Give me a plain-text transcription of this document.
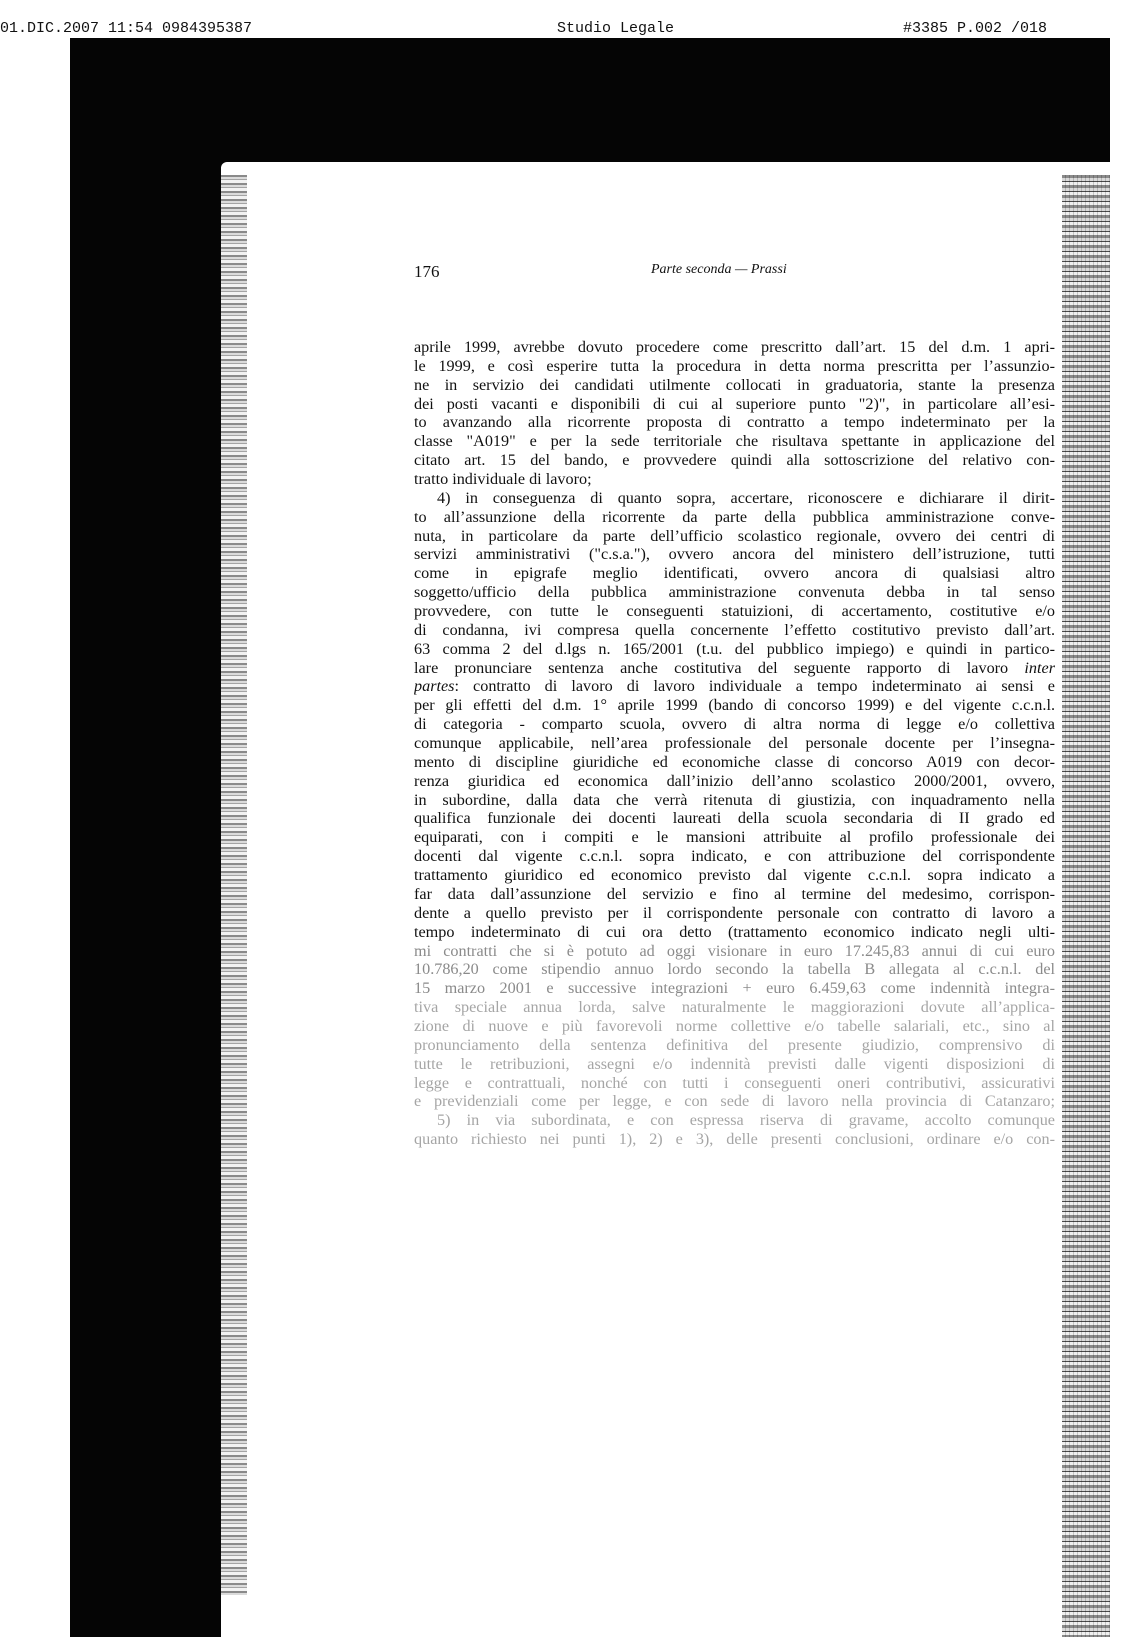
01.DIC.2007 11:54 0984395387	Studio Legale	#3385 P.002 /018
176	Parte seconda — Prassi
aprile 1999, avrebbe dovuto procedere come prescritto dall’art. 15 del d.m. 1 apri-
le 1999, e così esperire tutta la procedura in detta norma prescritta per l’assunzio-
ne in servizio dei candidati utilmente collocati in graduatoria, stante la presenza
dei posti vacanti e disponibili di cui al superiore punto "2)", in particolare all’esi-
to avanzando alla ricorrente proposta di contratto a tempo indeterminato per la
classe "A019" e per la sede territoriale che risultava spettante in applicazione del
citato art. 15 del bando, e provvedere quindi alla sottoscrizione del relativo con-
tratto individuale di lavoro;
4) in conseguenza di quanto sopra, accertare, riconoscere e dichiarare il dirit-
to all’assunzione della ricorrente da parte della pubblica amministrazione conve-
nuta, in particolare da parte dell’ufficio scolastico regionale, ovvero dei centri di
servizi amministrativi ("c.s.a."), ovvero ancora del ministero dell’istruzione, tutti
come in epigrafe meglio identificati, ovvero ancora di qualsiasi altro
soggetto/ufficio della pubblica amministrazione convenuta debba in tal senso
provvedere, con tutte le conseguenti statuizioni, di accertamento, costitutive e/o
di condanna, ivi compresa quella concernente l’effetto costitutivo previsto dall’art.
63 comma 2 del d.lgs n. 165/2001 (t.u. del pubblico impiego) e quindi in partico-
lare pronunciare sentenza anche costitutiva del seguente rapporto di lavoro inter
partes: contratto di lavoro di lavoro individuale a tempo indeterminato ai sensi e
per gli effetti del d.m. 1° aprile 1999 (bando di concorso 1999) e del vigente c.c.n.l.
di categoria - comparto scuola, ovvero di altra norma di legge e/o collettiva
comunque applicabile, nell’area professionale del personale docente per l’insegna-
mento di discipline giuridiche ed economiche classe di concorso A019 con decor-
renza giuridica ed economica dall’inizio dell’anno scolastico 2000/2001, ovvero,
in subordine, dalla data che verrà ritenuta di giustizia, con inquadramento nella
qualifica funzionale dei docenti laureati della scuola secondaria di II grado ed
equiparati, con i compiti e le mansioni attribuite al profilo professionale dei
docenti dal vigente c.c.n.l. sopra indicato, e con attribuzione del corrispondente
trattamento giuridico ed economico previsto dal vigente c.c.n.l. sopra indicato a
far data dall’assunzione del servizio e fino al termine del medesimo, corrispon-
dente a quello previsto per il corrispondente personale con contratto di lavoro a
tempo indeterminato di cui ora detto (trattamento economico indicato negli ulti-
mi contratti che si è potuto ad oggi visionare in euro 17.245,83 annui di cui euro
10.786,20 come stipendio annuo lordo secondo la tabella B allegata al c.c.n.l. del
15 marzo 2001 e successive integrazioni + euro 6.459,63 come indennità integra-
tiva speciale annua lorda, salve naturalmente le maggiorazioni dovute all’applica-
zione di nuove e più favorevoli norme collettive e/o tabelle salariali, etc., sino al
pronunciamento della sentenza definitiva del presente giudizio, comprensivo di
tutte le retribuzioni, assegni e/o indennità previsti dalle vigenti disposizioni di
legge e contrattuali, nonché con tutti i conseguenti oneri contributivi, assicurativi
e previdenziali come per legge, e con sede di lavoro nella provincia di Catanzaro;
5) in via subordinata, e con espressa riserva di gravame, accolto comunque
quanto richiesto nei punti 1), 2) e 3), delle presenti conclusioni, ordinare e/o con-
